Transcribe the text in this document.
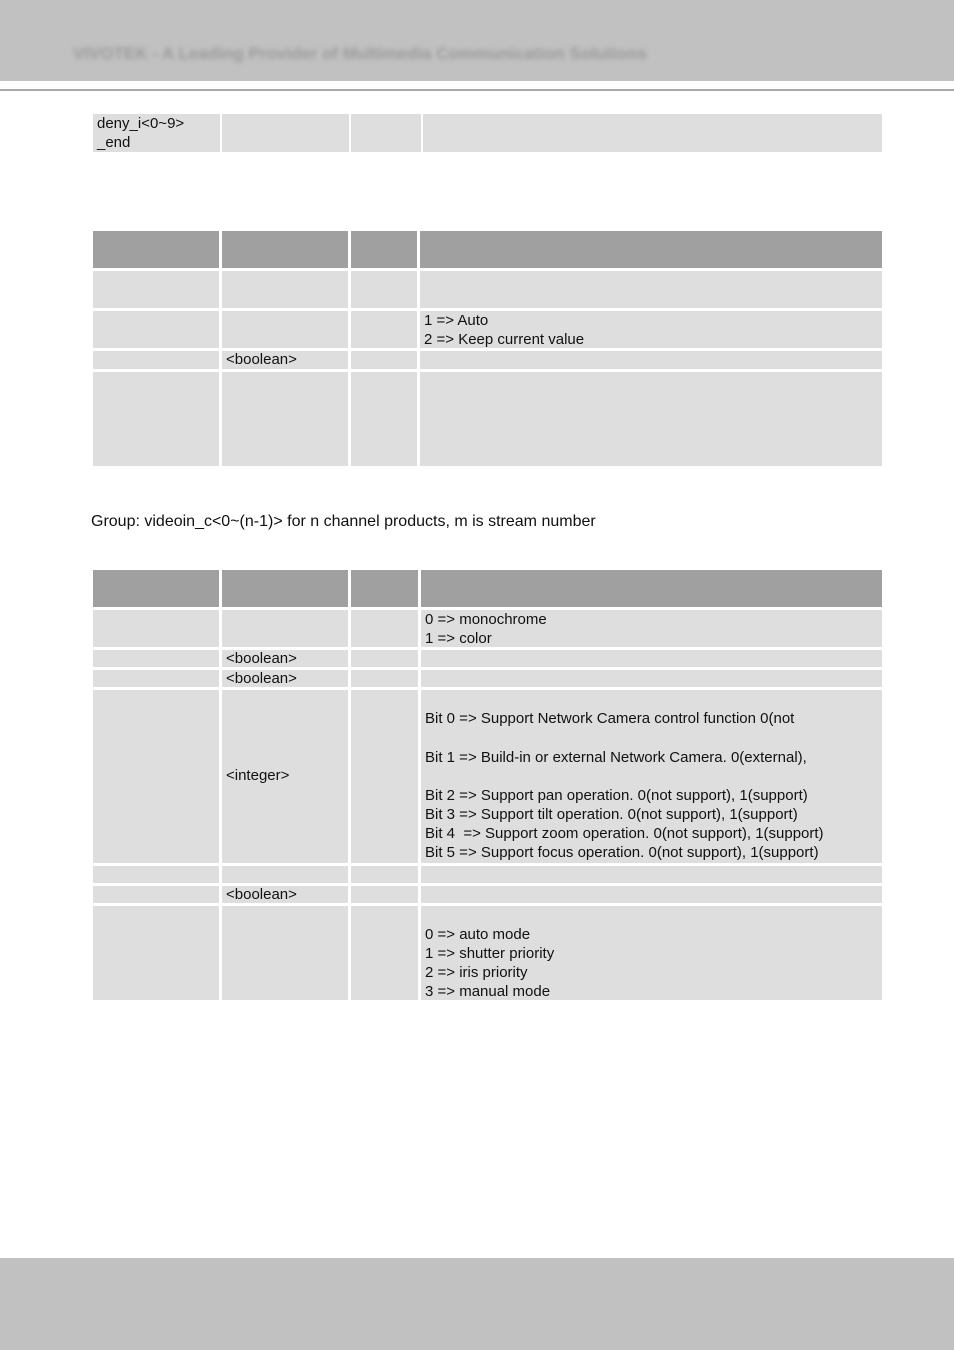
VIVOTEK - A Leading Provider of Multimedia Communication Solutions
deny_i<0~9>
_end
1 => Auto
2 => Keep current value
<boolean>
Group: videoin_c<0~(n-1)> for n channel products, m is stream number
0 => monochrome
1 => color
<boolean>
<boolean>

<integer>

Bit 0 => Support Network Camera control function 0(not

Bit 1 => Build-in or external Network Camera. 0(external),

Bit 2 => Support pan operation. 0(not support), 1(support)

Bit 3 => Support tilt operation. 0(not support), 1(support)

Bit 4  => Support zoom operation. 0(not support), 1(support)

Bit 5 => Support focus operation. 0(not support), 1(support)

<boolean>

0 => auto mode

1 => shutter priority

2 => iris priority

3 => manual mode
